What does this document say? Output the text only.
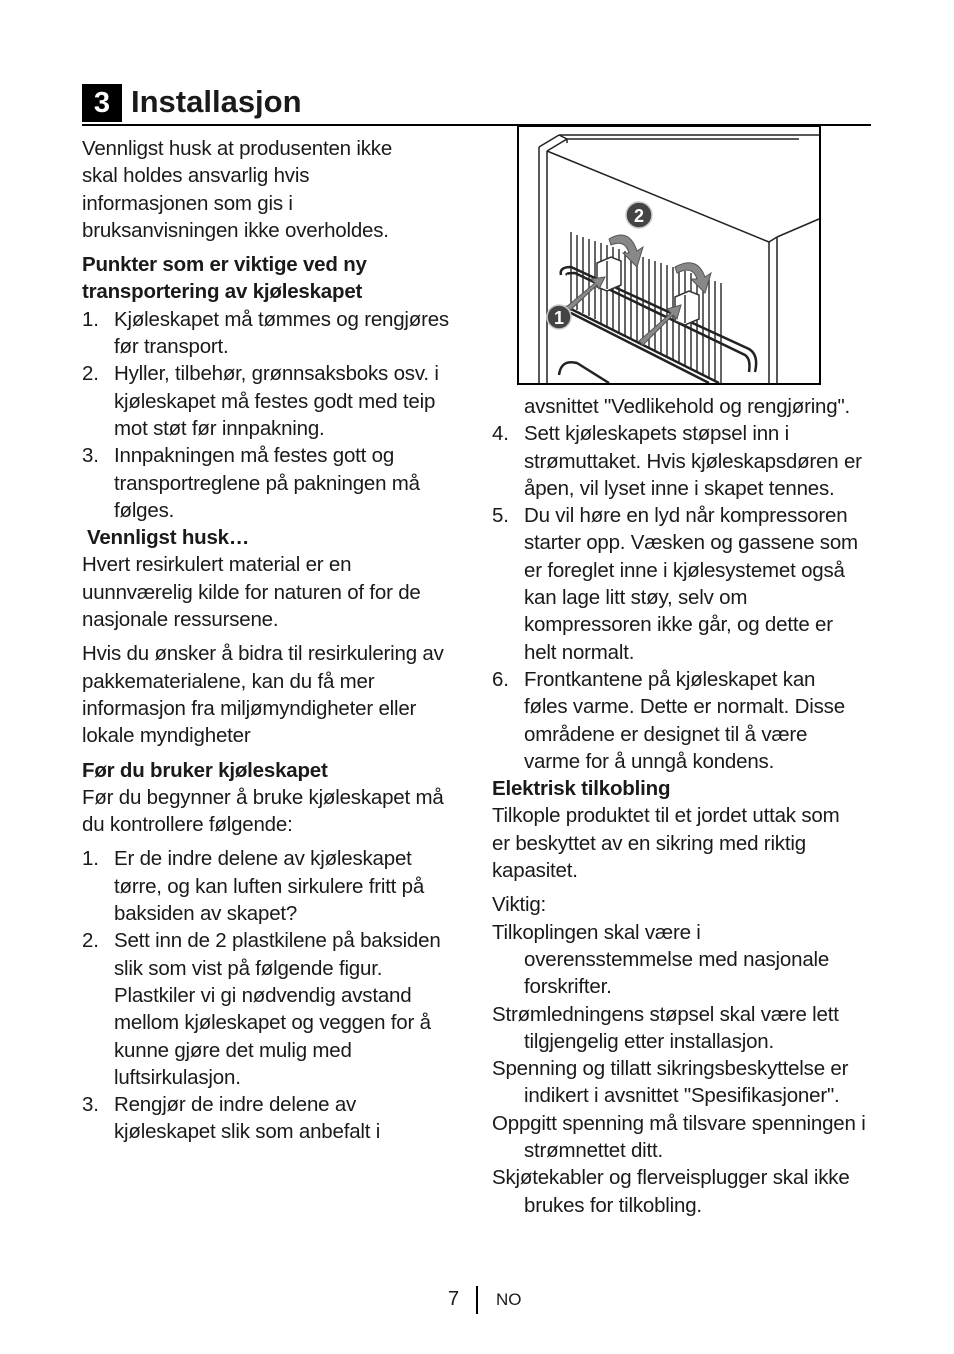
3 Installasjon

Vennligst husk at produsenten ikke skal holdes ansvarlig hvis informasjonen som gis i bruksanvisningen ikke overholdes.

Punkter som er viktige ved ny transportering av kjøleskapet
1. Kjøleskapet må tømmes og rengjøres før transport.
2. Hyller, tilbehør, grønnsaksboks osv. i kjøleskapet må festes godt med teip mot støt før innpakning.
3. Innpakningen må festes gott og transportreglene på pakningen må følges.
Vennligst husk…

Hvert resirkulert material er en uunnværelig kilde for naturen of for de nasjonale ressursene.

Hvis du ønsker å bidra til resirkulering av pakkematerialene, kan du få mer informasjon fra miljømyndigheter eller lokale myndigheter

Før du bruker kjøleskapet

Før du begynner å bruke kjøleskapet må du kontrollere følgende:

1. Er de indre delene av kjøleskapet tørre, og kan luften sirkulere fritt på baksiden av skapet?
2. Sett inn de 2 plastkilene på baksiden slik som vist på følgende figur. Plastkiler vi gi nødvendig avstand mellom kjøleskapet og veggen for å kunne gjøre det mulig med luftsirkulasjon.
3. Rengjør de indre delene av kjøleskapet slik som anbefalt i
1
2

avsnittet "Vedlikehold og rengjøring".

4. Sett kjøleskapets støpsel inn i strømuttaket. Hvis kjøleskapsdøren er åpen, vil lyset inne i skapet tennes.
5. Du vil høre en lyd når kompressoren starter opp. Væsken og gassene som er foreglet inne i kjølesystemet også kan lage litt støy, selv om kompressoren ikke går, og dette er helt normalt.
6. Frontkantene på kjøleskapet kan føles varme. Dette er normalt. Disse områdene er designet til å være varme for å unngå kondens.
Elektrisk tilkobling

Tilkople produktet til et jordet uttak som er beskyttet av en sikring med riktig kapasitet.

Viktig:

Tilkoplingen skal være i overensstemmelse med nasjonale forskrifter.

Strømledningens støpsel skal være lett tilgjengelig etter installasjon.

Spenning og tillatt sikringsbeskyttelse er indikert i avsnittet "Spesifikasjoner".

Oppgitt spenning må tilsvare spenningen i strømnettet ditt.

Skjøtekabler og flerveisplugger skal ikke brukes for tilkobling.

7 NO
